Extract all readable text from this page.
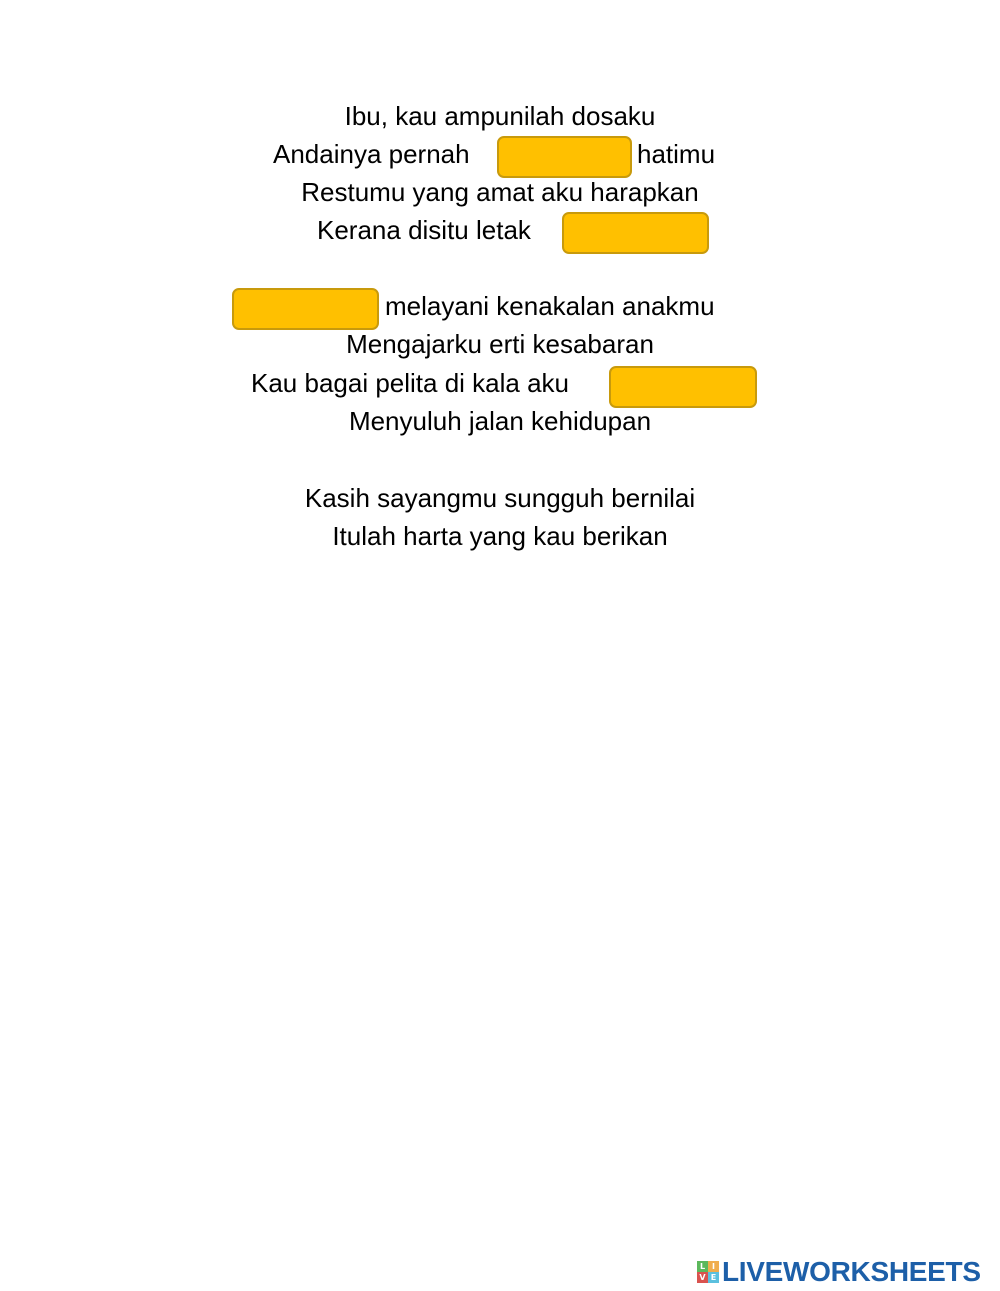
Ibu, kau ampunilah dosaku
Andainya pernah	hatimu
Restumu yang amat aku harapkan
Kerana disitu letak
melayani kenakalan anakmu
Mengajarku erti kesabaran
Kau bagai pelita di kala aku
Menyuluh jalan kehidupan
Kasih sayangmu sungguh bernilai
Itulah harta yang kau berikan
L I
V E LIVEWORKSHEETS
